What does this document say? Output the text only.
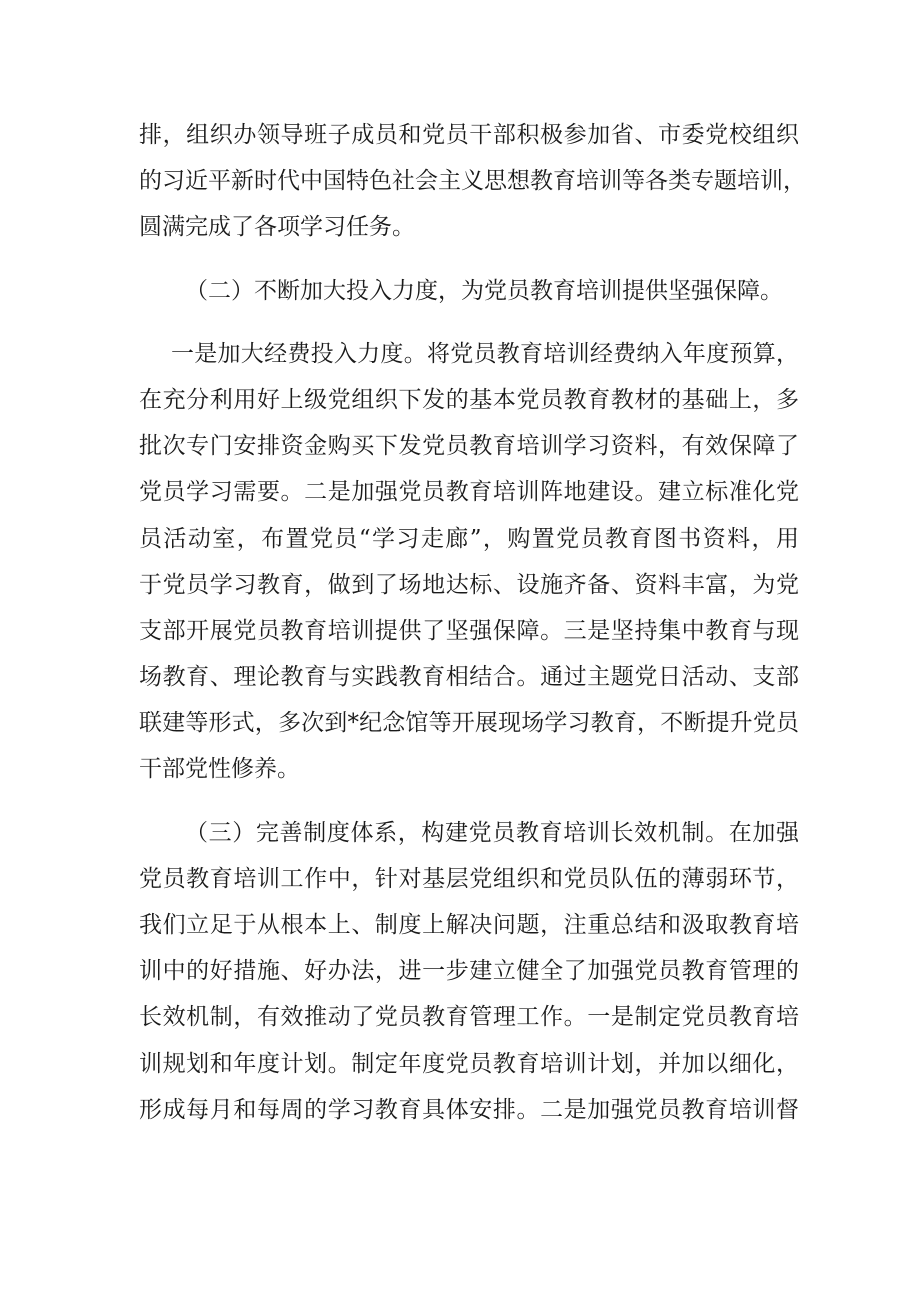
排，组织办领导班子成员和党员干部积极参加省、市委党校组织
的习近平新时代中国特色社会主义思想教育培训等各类专题培训，
圆满完成了各项学习任务。
（二）不断加大投入力度，为党员教育培训提供坚强保障。
一是加大经费投入力度。将党员教育培训经费纳入年度预算，
在充分利用好上级党组织下发的基本党员教育教材的基础上，多
批次专门安排资金购买下发党员教育培训学习资料，有效保障了
党员学习需要。二是加强党员教育培训阵地建设。建立标准化党
员活动室，布置党员“学习走廊”，购置党员教育图书资料，用
于党员学习教育，做到了场地达标、设施齐备、资料丰富，为党
支部开展党员教育培训提供了坚强保障。三是坚持集中教育与现
场教育、理论教育与实践教育相结合。通过主题党日活动、支部
联建等形式，多次到*纪念馆等开展现场学习教育，不断提升党员
干部党性修养。
（三）完善制度体系，构建党员教育培训长效机制。在加强
党员教育培训工作中，针对基层党组织和党员队伍的薄弱环节，
我们立足于从根本上、制度上解决问题，注重总结和汲取教育培
训中的好措施、好办法，进一步建立健全了加强党员教育管理的
长效机制，有效推动了党员教育管理工作。一是制定党员教育培
训规划和年度计划。制定年度党员教育培训计划，并加以细化，
形成每月和每周的学习教育具体安排。二是加强党员教育培训督
